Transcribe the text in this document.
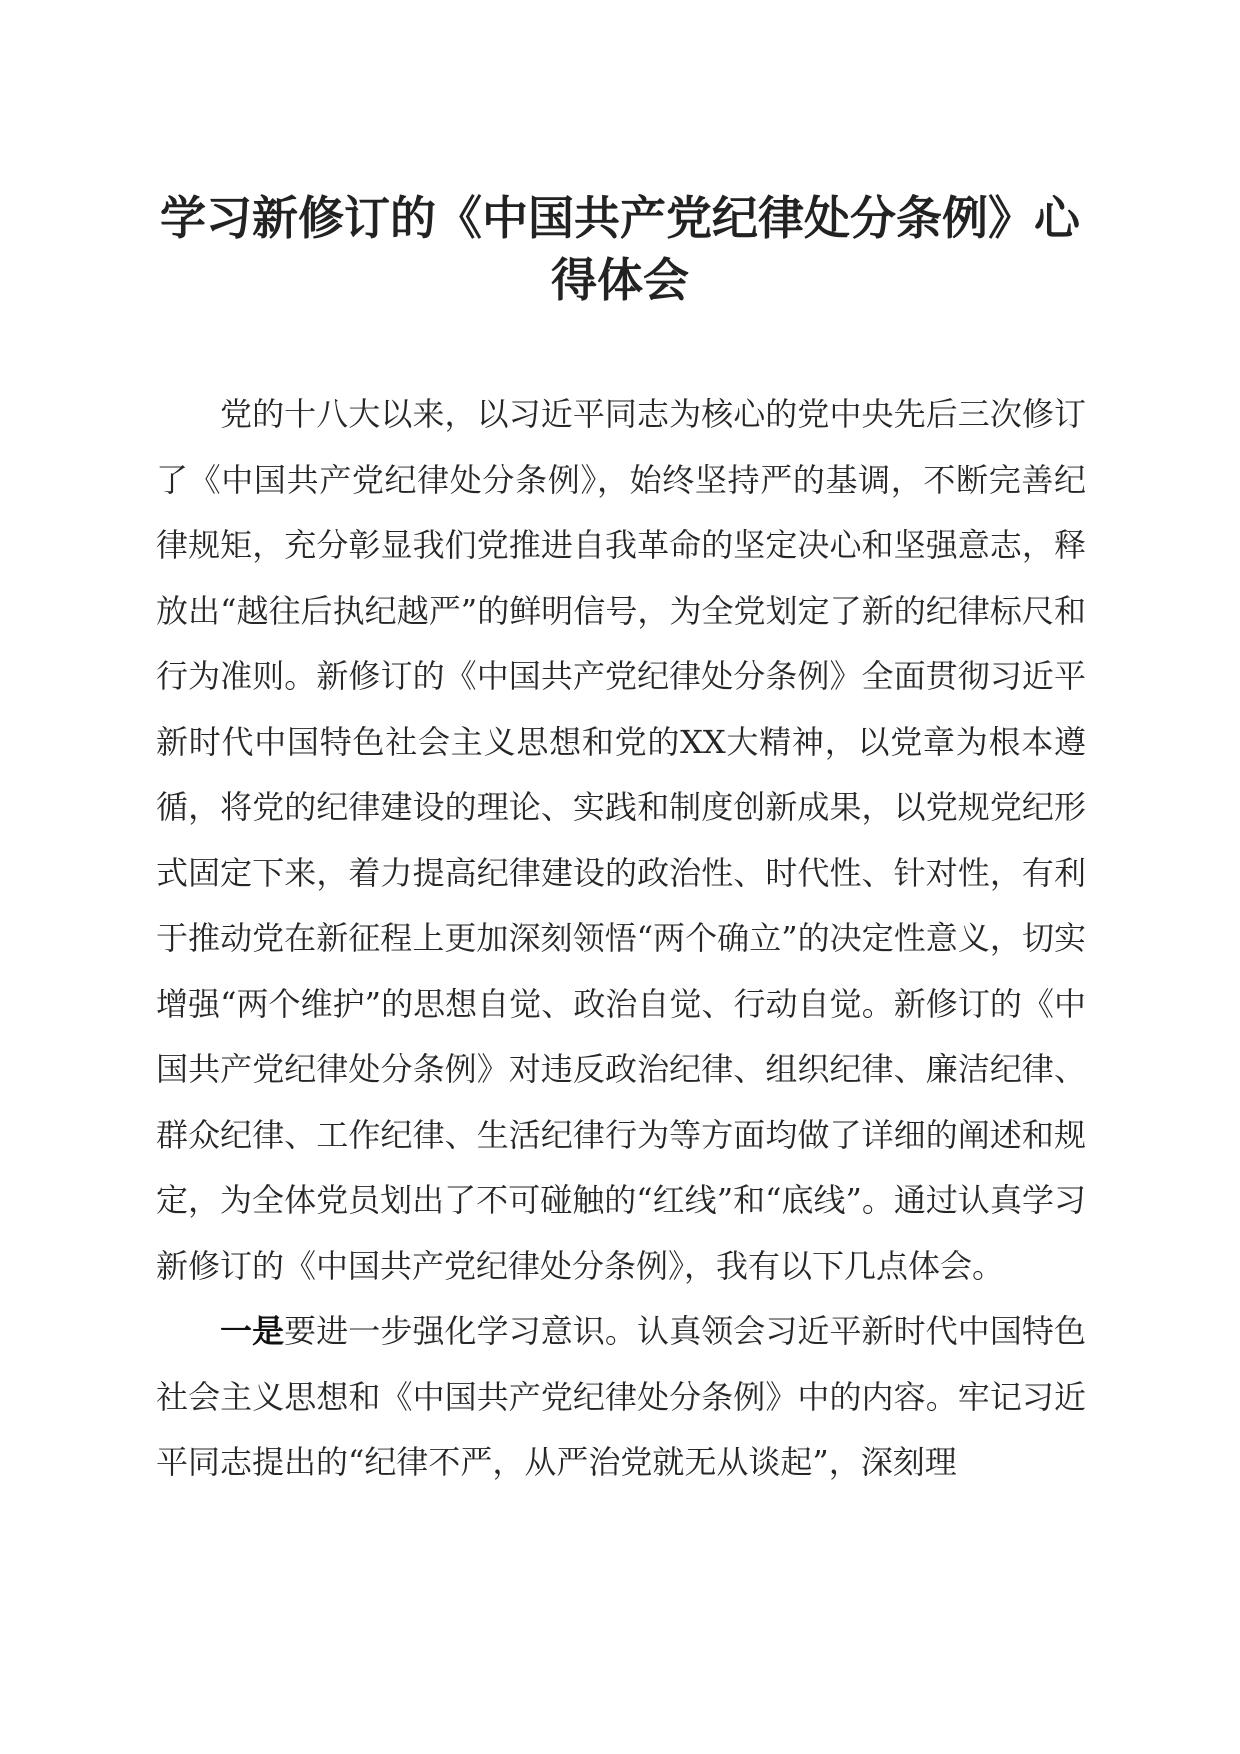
学习新修订的《中国共产党纪律处分条例》心得体会

党的十八大以来，以习近平同志为核心的党中央先后三次修订了《中国共产党纪律处分条例》，始终坚持严的基调，不断完善纪律规矩，充分彰显我们党推进自我革命的坚定决心和坚强意志，释放出“越往后执纪越严”的鲜明信号，为全党划定了新的纪律标尺和行为准则。新修订的《中国共产党纪律处分条例》全面贯彻习近平新时代中国特色社会主义思想和党的XX大精神，以党章为根本遵循，将党的纪律建设的理论、实践和制度创新成果，以党规党纪形式固定下来，着力提高纪律建设的政治性、时代性、针对性，有利于推动党在新征程上更加深刻领悟“两个确立”的决定性意义，切实增强“两个维护”的思想自觉、政治自觉、行动自觉。新修订的《中国共产党纪律处分条例》对违反政治纪律、组织纪律、廉洁纪律、群众纪律、工作纪律、生活纪律行为等方面均做了详细的阐述和规定，为全体党员划出了不可碰触的“红线”和“底线”。通过认真学习新修订的《中国共产党纪律处分条例》，我有以下几点体会。

一是要进一步强化学习意识。认真领会习近平新时代中国特色社会主义思想和《中国共产党纪律处分条例》中的内容。牢记习近平同志提出的“纪律不严，从严治党就无从谈起”，深刻理
